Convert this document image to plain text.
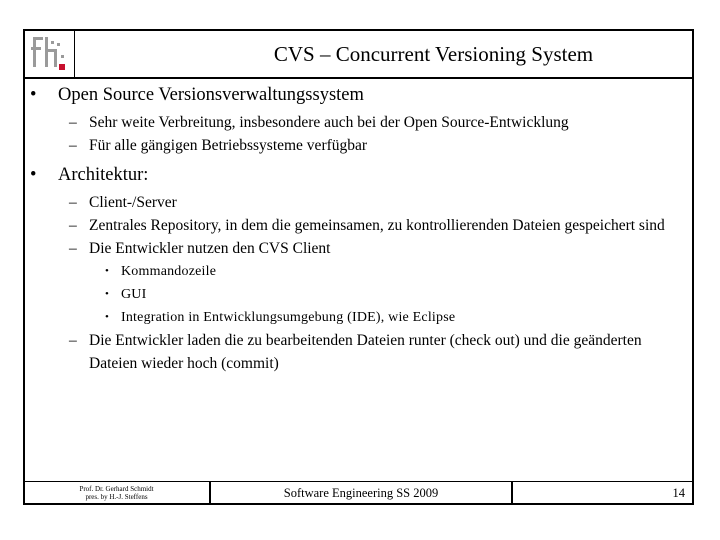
CVS – Concurrent Versioning System
• Open Source Versionsverwaltungssystem
– Sehr weite Verbreitung, insbesondere auch bei der Open Source-Entwicklung
– Für alle gängigen Betriebssysteme verfügbar
• Architektur:
– Client-/Server
– Zentrales Repository, in dem die gemeinsamen, zu kontrollierenden Dateien gespeichert sind
– Die Entwickler nutzen den CVS Client
• Kommandozeile
• GUI
• Integration in Entwicklungsumgebung (IDE), wie Eclipse
– Die Entwickler laden die zu bearbeitenden Dateien runter (check out) und die geänderten Dateien wieder hoch (commit)
Prof. Dr. Gerhard Schmidt
pres. by H.-J. Steffens	Software Engineering SS 2009	14
